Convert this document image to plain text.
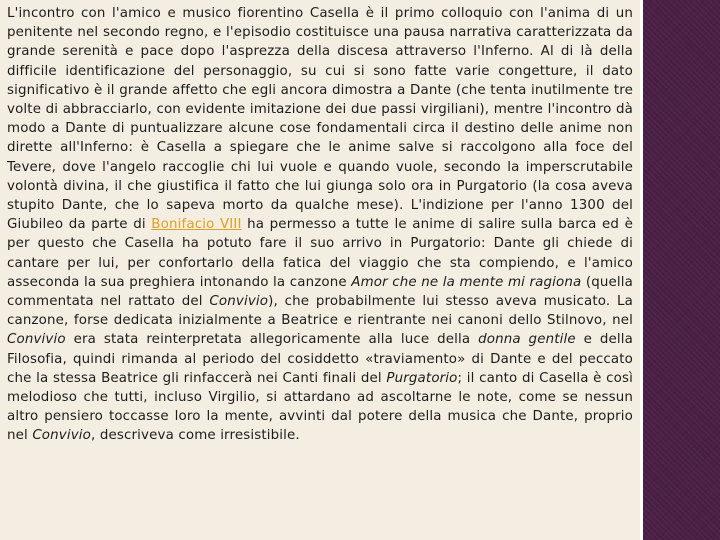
L'incontro con l'amico e musico fiorentino Casella è il primo colloquio con l'anima di un penitente nel secondo regno, e l'episodio costituisce una pausa narrativa caratterizzata da grande serenità e pace dopo l'asprezza della discesa attraverso l'Inferno. Al di là della difficile identificazione del personaggio, su cui si sono fatte varie congetture, il dato significativo è il grande affetto che egli ancora dimostra a Dante (che tenta inutilmente tre volte di abbracciarlo, con evidente imitazione dei due passi virgiliani), mentre l'incontro dà modo a Dante di puntualizzare alcune cose fondamentali circa il destino delle anime non dirette all'Inferno: è Casella a spiegare che le anime salve si raccolgono alla foce del Tevere, dove l'angelo raccoglie chi lui vuole e quando vuole, secondo la imperscrutabile volontà divina, il che giustifica il fatto che lui giunga solo ora in Purgatorio (la cosa aveva stupito Dante, che lo sapeva morto da qualche mese). L'indizione per l'anno 1300 del Giubileo da parte di Bonifacio VIII ha permesso a tutte le anime di salire sulla barca ed è per questo che Casella ha potuto fare il suo arrivo in Purgatorio: Dante gli chiede di cantare per lui, per confortarlo della fatica del viaggio che sta compiendo, e l'amico asseconda la sua preghiera intonando la canzone Amor che ne la mente mi ragiona (quella commentata nel rattato del Convivio), che probabilmente lui stesso aveva musicato. La canzone, forse dedicata inizialmente a Beatrice e rientrante nei canoni dello Stilnovo, nel Convivio era stata reinterpretata allegoricamente alla luce della donna gentile e della Filosofia, quindi rimanda al periodo del cosiddetto «traviamento» di Dante e del peccato che la stessa Beatrice gli rinfaccerà nei Canti finali del Purgatorio; il canto di Casella è così melodioso che tutti, incluso Virgilio, si attardano ad ascoltarne le note, come se nessun altro pensiero toccasse loro la mente, avvinti dal potere della musica che Dante, proprio nel Convivio, descriveva come irresistibile.
